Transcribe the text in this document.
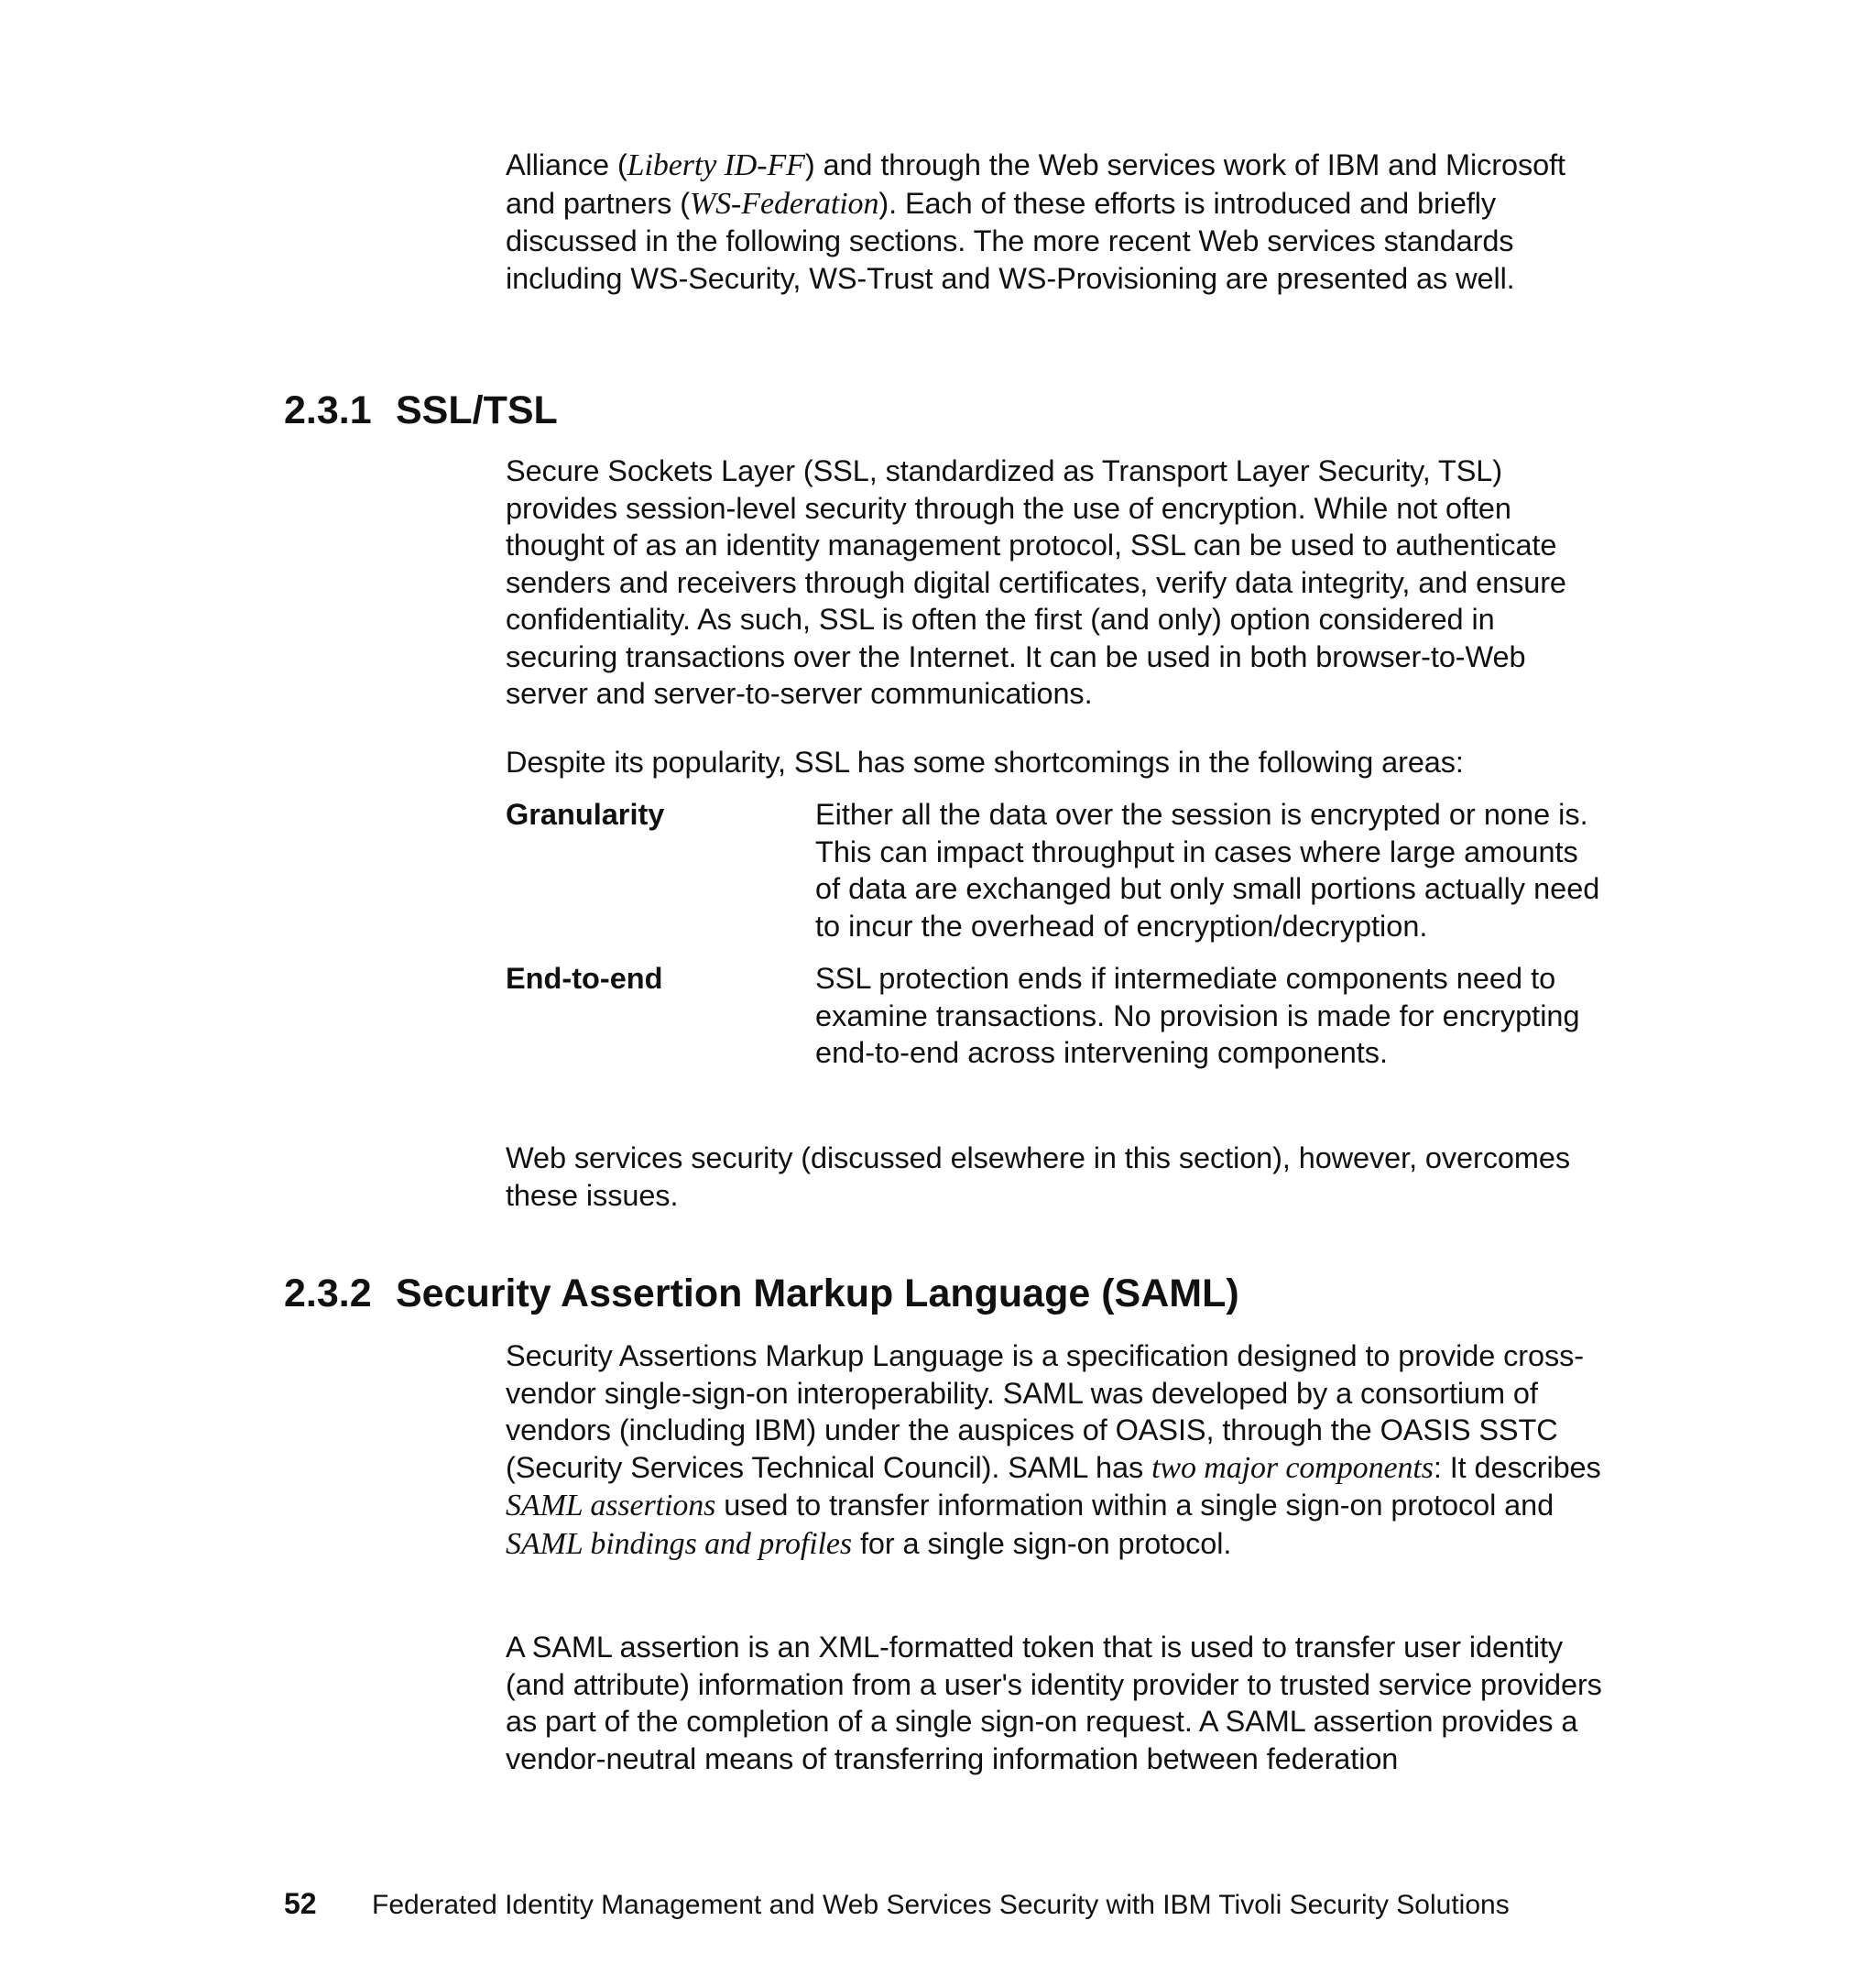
Alliance (Liberty ID-FF) and through the Web services work of IBM and Microsoft and partners (WS-Federation). Each of these efforts is introduced and briefly discussed in the following sections. The more recent Web services standards including WS-Security, WS-Trust and WS-Provisioning are presented as well.

2.3.1 SSL/TSL

Secure Sockets Layer (SSL, standardized as Transport Layer Security, TSL) provides session-level security through the use of encryption. While not often thought of as an identity management protocol, SSL can be used to authenticate senders and receivers through digital certificates, verify data integrity, and ensure confidentiality. As such, SSL is often the first (and only) option considered in securing transactions over the Internet. It can be used in both browser-to-Web server and server-to-server communications.

Despite its popularity, SSL has some shortcomings in the following areas:

Granularity	Either all the data over the session is encrypted or none is. This can impact throughput in cases where large amounts of data are exchanged but only small portions actually need to incur the overhead of encryption/decryption.
End-to-end	SSL protection ends if intermediate components need to examine transactions. No provision is made for encrypting end-to-end across intervening components.

Web services security (discussed elsewhere in this section), however, overcomes these issues.

2.3.2 Security Assertion Markup Language (SAML)

Security Assertions Markup Language is a specification designed to provide cross-vendor single-sign-on interoperability. SAML was developed by a consortium of vendors (including IBM) under the auspices of OASIS, through the OASIS SSTC (Security Services Technical Council). SAML has two major components: It describes SAML assertions used to transfer information within a single sign-on protocol and SAML bindings and profiles for a single sign-on protocol.

A SAML assertion is an XML-formatted token that is used to transfer user identity (and attribute) information from a user's identity provider to trusted service providers as part of the completion of a single sign-on request. A SAML assertion provides a vendor-neutral means of transferring information between federation

52 Federated Identity Management and Web Services Security with IBM Tivoli Security Solutions
